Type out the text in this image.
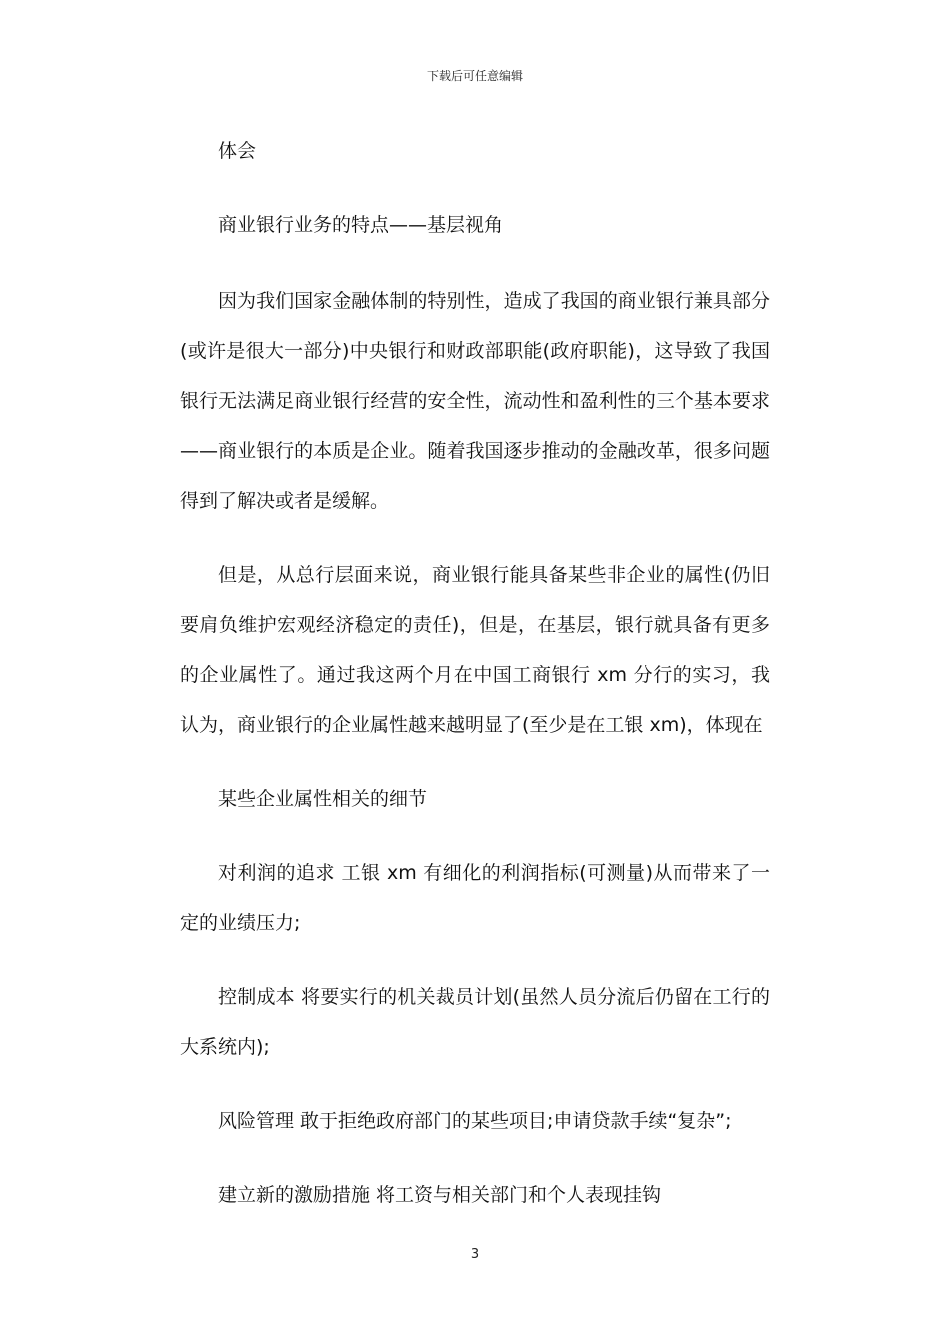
下载后可任意编辑

体会

商业银行业务的特点——基层视角

因为我们国家金融体制的特别性，造成了我国的商业银行兼具部分(或许是很大一部分)中央银行和财政部职能(政府职能)，这导致了我国银行无法满足商业银行经营的安全性，流动性和盈利性的三个基本要求——商业银行的本质是企业。随着我国逐步推动的金融改革，很多问题得到了解决或者是缓解。

但是，从总行层面来说，商业银行能具备某些非企业的属性(仍旧要肩负维护宏观经济稳定的责任)，但是，在基层，银行就具备有更多的企业属性了。通过我这两个月在中国工商银行 xm 分行的实习，我认为，商业银行的企业属性越来越明显了(至少是在工银 xm)，体现在

某些企业属性相关的细节

对利润的追求 工银 xm 有细化的利润指标(可测量)从而带来了一定的业绩压力;

控制成本 将要实行的机关裁员计划(虽然人员分流后仍留在工行的大系统内);

风险管理 敢于拒绝政府部门的某些项目;申请贷款手续“复杂”;

建立新的激励措施 将工资与相关部门和个人表现挂钩

3
